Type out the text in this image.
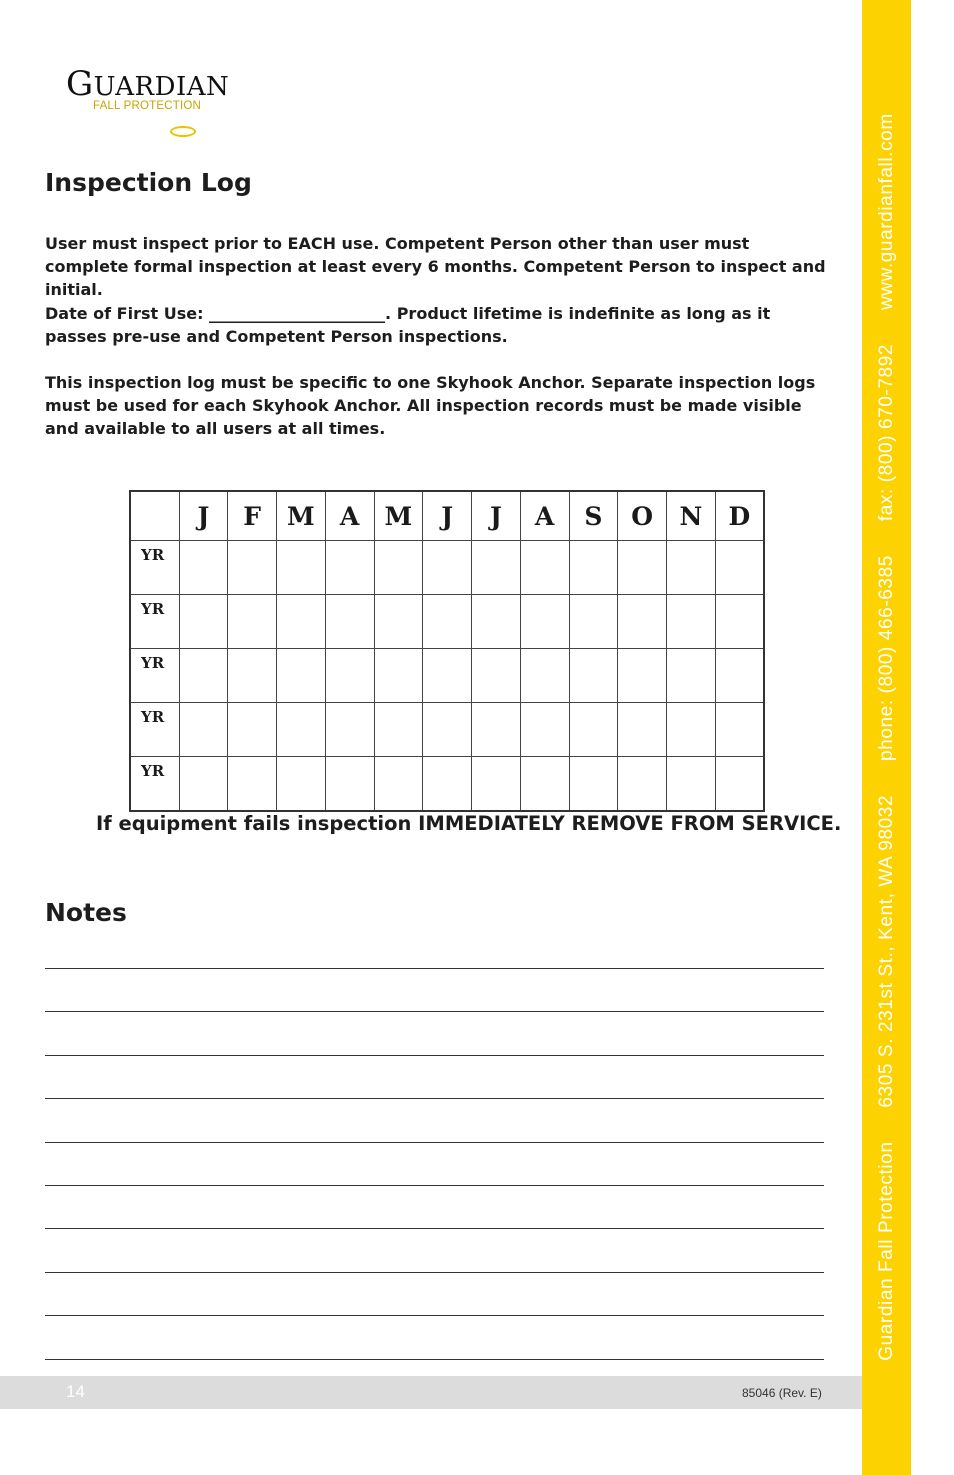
GUARDIAN
FALL PROTECTION
Inspection Log

User must inspect prior to EACH use. Competent Person other than user must complete formal inspection at least every 6 months. Competent Person to inspect and initial.

Date of First Use: ______________________. Product lifetime is indefinite as long as it passes pre-use and Competent Person inspections.

This inspection log must be specific to one Skyhook Anchor. Separate inspection logs must be used for each Skyhook Anchor. All inspection records must be made visible and available to all users at all times.

	J	F	M	A	M	J	J	A	S	O	N	D
YR												
YR												
YR												
YR												
YR												

If equipment fails inspection IMMEDIATELY REMOVE FROM SERVICE.

Notes
14	85046 (Rev. E)
Guardian Fall Protection 6305 S. 231st St., Kent, WA 98032 phone: (800) 466-6385 fax: (800) 670-7892 www.guardianfall.com
